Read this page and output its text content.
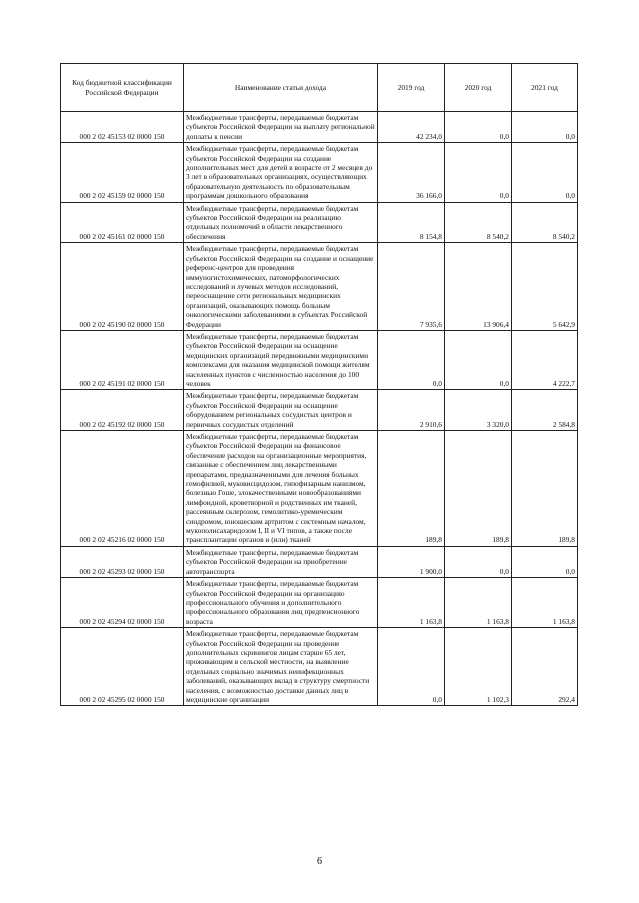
Код бюджетной классификации Российской Федерации	Наименование статьи дохода	2019 год	2020 год	2021 год
000 2 02 45153 02 0000 150	Межбюджетные трансферты, передаваемые бюджетам субъектов Российской Федерации на выплату региональной доплаты к пенсии	42 234,0	0,0	0,0
000 2 02 45159 02 0000 150	Межбюджетные трансферты, передаваемые бюджетам субъектов Российской Федерации на создание дополнительных мест для детей в возрасте от 2 месяцев до 3 лет в образовательных организациях, осуществляющих образовательную деятельность по образовательным программам дошкольного образования	36 166,0	0,0	0,0
000 2 02 45161 02 0000 150	Межбюджетные трансферты, передаваемые бюджетам субъектов Российской Федерации на реализацию отдельных полномочий в области лекарственного обеспечения	8 154,8	8 540,2	8 540,2
000 2 02 45190 02 0000 150	Межбюджетные трансферты, передаваемые бюджетам субъектов Российской Федерации на создание и оснащение референс-центров для проведения иммуногистохимических, патоморфологических исследований и лучевых методов исследований, переоснащение сети региональных медицинских организаций, оказывающих помощь больным онкологическими заболеваниями в субъектах Российской Федерации	7 935,6	13 906,4	5 642,9
000 2 02 45191 02 0000 150	Межбюджетные трансферты, передаваемые бюджетам субъектов Российской Федерации на оснащение медицинских организаций передвижными медицинскими комплексами для оказания медицинской помощи жителям населенных пунктов с численностью населения до 100 человек	0,0	0,0	4 222,7
000 2 02 45192 02 0000 150	Межбюджетные трансферты, передаваемые бюджетам субъектов Российской Федерации на оснащение оборудованием региональных сосудистых центров и первичных сосудистых отделений	2 910,6	3 320,0	2 584,8
000 2 02 45216 02 0000 150	Межбюджетные трансферты, передаваемые бюджетам субъектов Российской Федерации на финансовое обеспечение расходов на организационные мероприятия, связанные с обеспечением лиц лекарственными препаратами, предназначенными для лечения больных гемофилией, муковисцидозом, гипофизарным нанизмом, болезнью Гоше, злокачественными новообразованиями лимфоидной, кроветворной и родственных им тканей, рассеянным склерозом, гемолитико-уремическим синдромом, юношеским артритом с системным началом, мукополисахаридозом I, II и VI типов, а также после трансплантации органов и (или) тканей	189,8	189,8	189,8
000 2 02 45293 02 0000 150	Межбюджетные трансферты, передаваемые бюджетам субъектов Российской Федерации на приобретение автотранспорта	1 900,0	0,0	0,0
000 2 02 45294 02 0000 150	Межбюджетные трансферты, передаваемые бюджетам субъектов Российской Федерации на организацию профессионального обучения и дополнительного профессионального образования лиц предпенсионного возраста	1 163,8	1 163,8	1 163,8
000 2 02 45295 02 0000 150	Межбюджетные трансферты, передаваемые бюджетам субъектов Российской Федерации на проведение дополнительных скринингов лицам старше 65 лет, проживающим в сельской местности, на выявление отдельных социально значимых неинфекционных заболеваний, оказывающих вклад в структуру смертности населения, с возможностью доставки данных лиц в медицинские организации	0,0	1 102,3	292,4
6
